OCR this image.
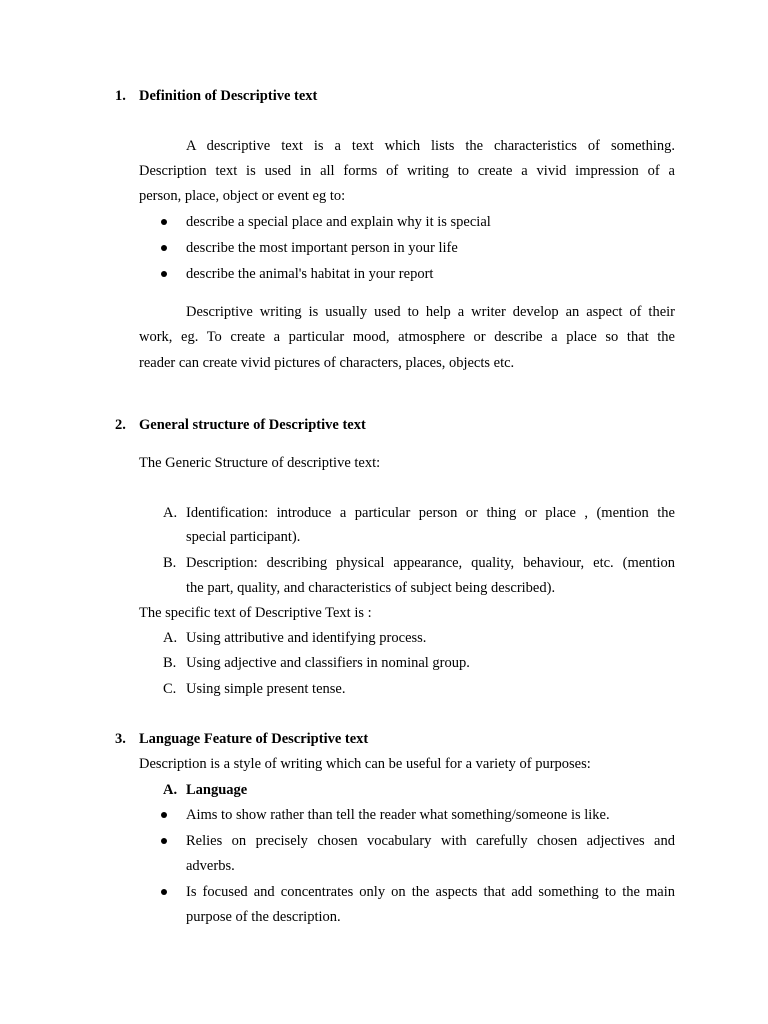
1. Definition of Descriptive text
A descriptive text is a text which lists the characteristics of something.
Description text is used in all forms of writing to create a vivid impression of a
person, place, object or event eg to:
describe a special place and explain why it is special
describe the most important person in your life
describe the animal's habitat in your report
Descriptive writing is usually used to help a writer develop an aspect of their
work, eg. To create a particular mood, atmosphere or describe a place so that the
reader can create vivid pictures of characters, places, objects etc.
2. General structure of Descriptive text
The Generic Structure of descriptive text:
A. Identification: introduce a particular person or thing or place , (mention the
special participant).
B. Description: describing physical appearance, quality, behaviour, etc. (mention
the part, quality, and characteristics of subject being described).
The specific text of Descriptive Text is :
A. Using attributive and identifying process.
B. Using adjective and classifiers in nominal group.
C. Using simple present tense.
3. Language Feature of Descriptive text
Description is a style of writing which can be useful for a variety of purposes:
A. Language
Aims to show rather than tell the reader what something/someone is like.
Relies on precisely chosen vocabulary with carefully chosen adjectives and
adverbs.
Is focused and concentrates only on the aspects that add something to the main
purpose of the description.
